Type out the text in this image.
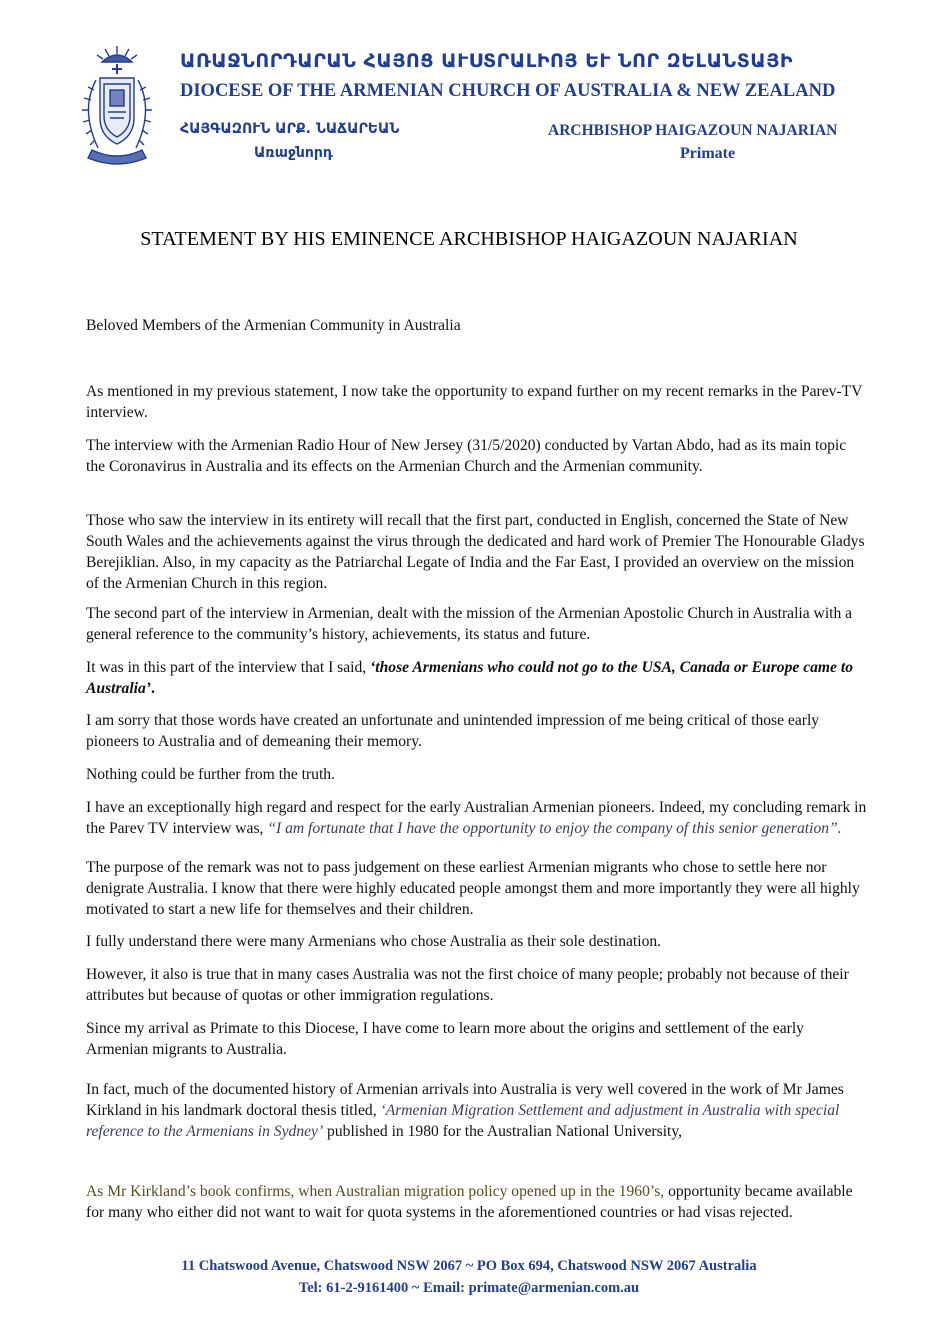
ԱՌԱՋՆՈՐԴԱՐԱՆ ՀԱՅՈՑ ԱՒՍՏՐԱԼԻՈՅ ԵՒ ՆՈՐ ԶԵԼԱՆՏԱՅԻ
DIOCESE OF THE ARMENIAN CHURCH OF AUSTRALIA & NEW ZEALAND
ՀԱՅԳԱԶՈՒՆ ԱՐՔ. ՆԱՃԱՐԵԱՆ
Առաջնորդ
ARCHBISHOP HAIGAZOUN NAJARIAN
Primate
STATEMENT BY HIS EMINENCE ARCHBISHOP HAIGAZOUN NAJARIAN

Beloved Members of the Armenian Community in Australia

As mentioned in my previous statement, I now take the opportunity to expand further on my recent remarks in the Parev-TV interview.

The interview with the Armenian Radio Hour of New Jersey (31/5/2020) conducted by Vartan Abdo, had as its main topic the Coronavirus in Australia and its effects on the Armenian Church and the Armenian community.

Those who saw the interview in its entirety will recall that the first part, conducted in English, concerned the State of New South Wales and the achievements against the virus through the dedicated and hard work of Premier The Honourable Gladys Berejiklian. Also, in my capacity as the Patriarchal Legate of India and the Far East, I provided an overview on the mission of the Armenian Church in this region.

The second part of the interview in Armenian, dealt with the mission of the Armenian Apostolic Church in Australia with a general reference to the community’s history, achievements, its status and future.

It was in this part of the interview that I said, ‘those Armenians who could not go to the USA, Canada or Europe came to Australia’.

I am sorry that those words have created an unfortunate and unintended impression of me being critical of those early pioneers to Australia and of demeaning their memory.

Nothing could be further from the truth.

I have an exceptionally high regard and respect for the early Australian Armenian pioneers. Indeed, my concluding remark in the Parev TV interview was, “I am fortunate that I have the opportunity to enjoy the company of this senior generation”.

The purpose of the remark was not to pass judgement on these earliest Armenian migrants who chose to settle here nor denigrate Australia. I know that there were highly educated people amongst them and more importantly they were all highly motivated to start a new life for themselves and their children.

I fully understand there were many Armenians who chose Australia as their sole destination.

However, it also is true that in many cases Australia was not the first choice of many people; probably not because of their attributes but because of quotas or other immigration regulations.

Since my arrival as Primate to this Diocese, I have come to learn more about the origins and settlement of the early Armenian migrants to Australia.

In fact, much of the documented history of Armenian arrivals into Australia is very well covered in the work of Mr James Kirkland in his landmark doctoral thesis titled, ‘Armenian Migration Settlement and adjustment in Australia with special reference to the Armenians in Sydney’ published in 1980 for the Australian National University,

As Mr Kirkland’s book confirms, when Australian migration policy opened up in the 1960’s, opportunity became available for many who either did not want to wait for quota systems in the aforementioned countries or had visas rejected.

11 Chatswood Avenue, Chatswood NSW 2067 ~ PO Box 694, Chatswood NSW 2067 Australia
Tel: 61-2-9161400 ~ Email: primate@armenian.com.au
